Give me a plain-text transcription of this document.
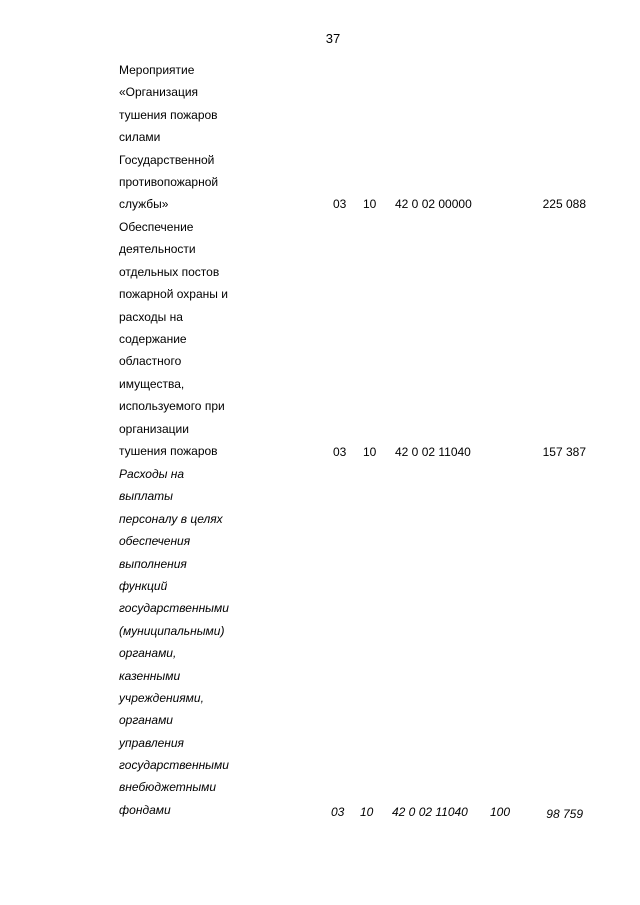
37
Мероприятие
«Организация
тушения пожаров
силами
Государственной
противопожарной
службы»	03 10 42 0 02 00000	225 088
Обеспечение
деятельности
отдельных постов
пожарной охраны и
расходы на
содержание
областного
имущества,
используемого при
организации
тушения пожаров	03 10 42 0 02 11040	157 387
Расходы на
выплаты
персоналу в целях
обеспечения
выполнения
функций
государственными
(муниципальными)
органами,
казенными
учреждениями,
органами
управления
государственными
внебюджетными
фондами	03 10 42 0 02 11040 100	98 759
